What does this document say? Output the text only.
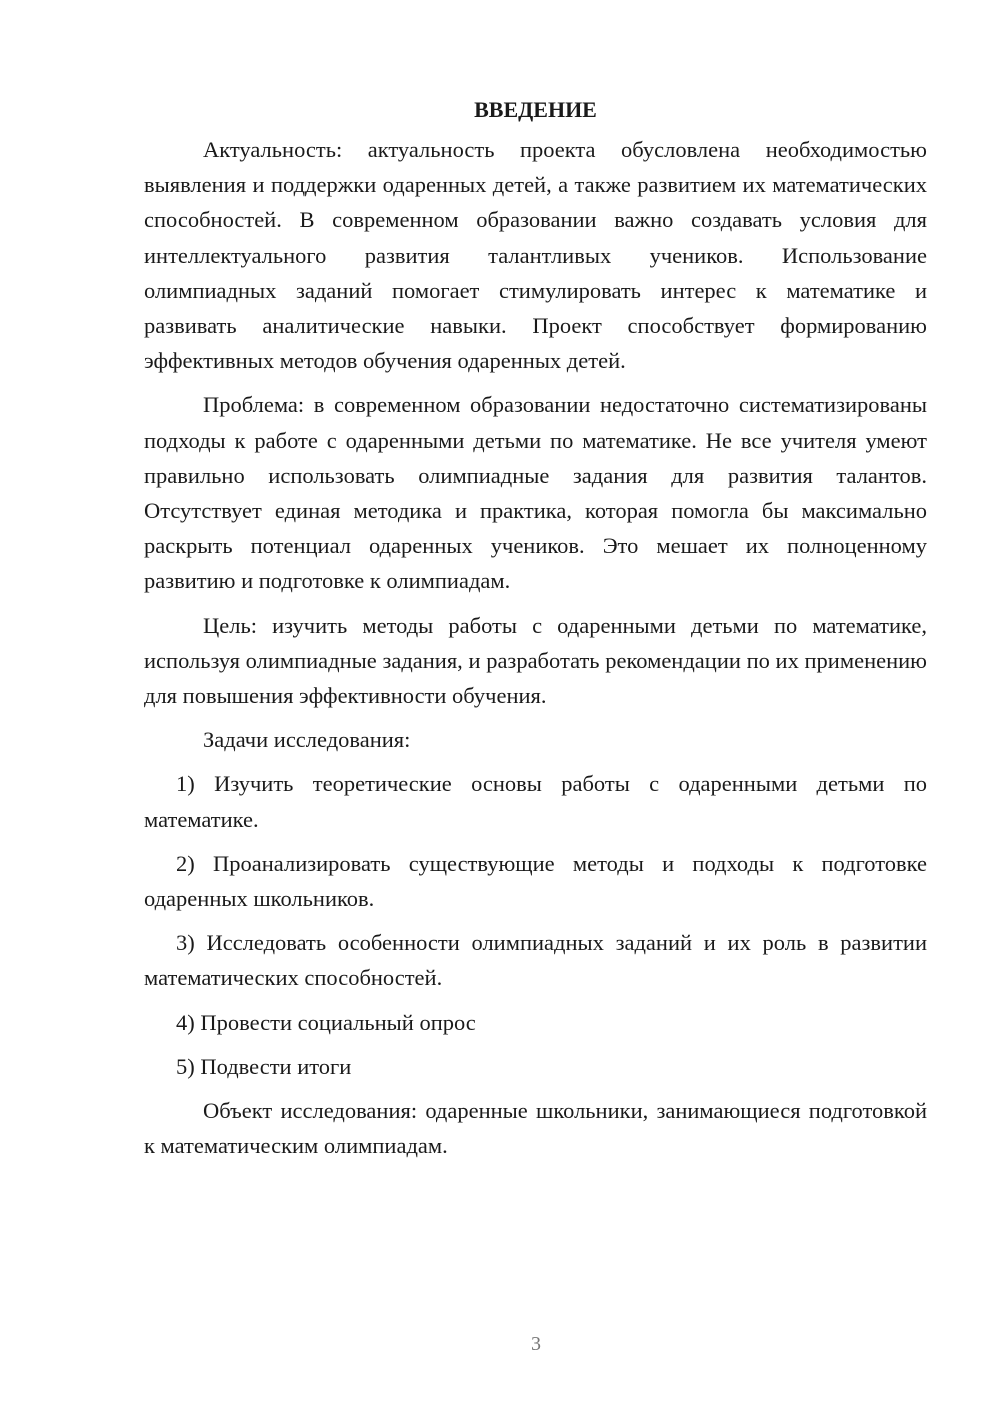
ВВЕДЕНИЕ

Актуальность: актуальность проекта обусловлена необходимостью выявления и поддержки одаренных детей, а также развитием их математических способностей. В современном образовании важно создавать условия для интеллектуального развития талантливых учеников. Использование олимпиадных заданий помогает стимулировать интерес к математике и развивать аналитические навыки. Проект способствует формированию эффективных методов обучения одаренных детей.

Проблема: в современном образовании недостаточно систематизированы подходы к работе с одаренными детьми по математике. Не все учителя умеют правильно использовать олимпиадные задания для развития талантов. Отсутствует единая методика и практика, которая помогла бы максимально раскрыть потенциал одаренных учеников. Это мешает их полноценному развитию и подготовке к олимпиадам.

Цель: изучить методы работы с одаренными детьми по математике, используя олимпиадные задания, и разработать рекомендации по их применению для повышения эффективности обучения.

Задачи исследования:

1) Изучить теоретические основы работы с одаренными детьми по математике.

2) Проанализировать существующие методы и подходы к подготовке одаренных школьников.

3) Исследовать особенности олимпиадных заданий и их роль в развитии математических способностей.

4) Провести социальный опрос

5) Подвести итоги

Объект исследования: одаренные школьники, занимающиеся подготовкой к математическим олимпиадам.

3
